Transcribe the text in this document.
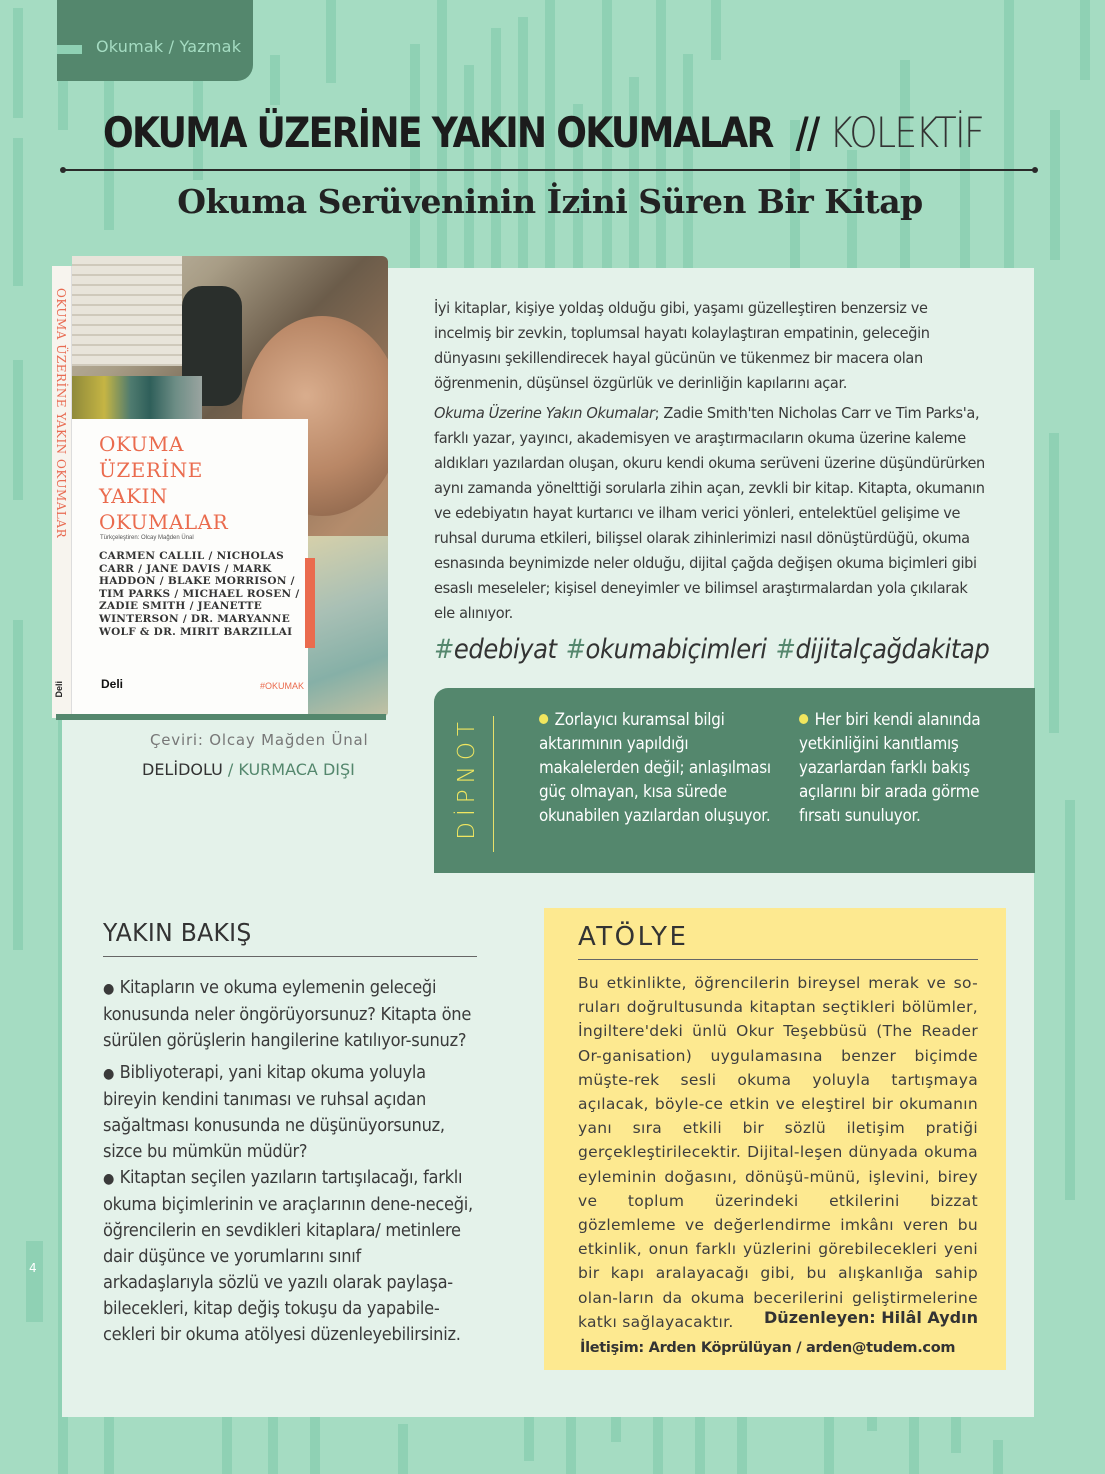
Okumak / Yazmak
OKUMA ÜZERİNE YAKIN OKUMALAR // KOLEKTİF
Okuma Serüveninin İzini Süren Bir Kitap
OKUMA ÜZERİNE YAKIN OKUMALAR
Deli
OKUMA
ÜZERİNE
YAKIN
OKUMALAR
Türkçeleştiren: Olcay Mağden Ünal
CARMEN CALLIL / NICHOLAS CARR / JANE DAVIS / MARK HADDON / BLAKE MORRISON / TIM PARKS / MICHAEL ROSEN / ZADIE SMITH / JEANETTE WINTERSON / DR. MARYANNE WOLF & DR. MIRIT BARZILLAI
Deli	#OKUMAK
Çeviri: Olcay Mağden Ünal
DELİDOLU / KURMACA DIŞI

İyi kitaplar, kişiye yoldaş olduğu gibi, yaşamı güzelleştiren benzersiz ve incelmiş bir zevkin, toplumsal hayatı kolaylaştıran empatinin, geleceğin dünyasını şekillendirecek hayal gücünün ve tükenmez bir macera olan öğrenmenin, düşünsel özgürlük ve derinliğin kapılarını açar.

Okuma Üzerine Yakın Okumalar; Zadie Smith'ten Nicholas Carr ve Tim Parks'a, farklı yazar, yayıncı, akademisyen ve araştırmacıların okuma üzerine kaleme aldıkları yazılardan oluşan, okuru kendi okuma serüveni üzerine düşündürürken aynı zamanda yönelttiği sorularla zihin açan, zevkli bir kitap. Kitapta, okumanın ve edebiyatın hayat kurtarıcı ve ilham verici yönleri, entelektüel gelişime ve ruhsal duruma etkileri, bilişsel olarak zihinlerimizi nasıl dönüştürdüğü, okuma esnasında beynimizde neler olduğu, dijital çağda değişen okuma biçimleri gibi esaslı meseleler; kişisel deneyimler ve bilimsel araştırmalardan yola çıkılarak ele alınıyor.

#edebiyat #okumabiçimleri #dijitalçağdakitap
DİPNOT	Zorlayıcı kuramsal bilgi aktarımının yapıldığı makalelerden değil; anlaşılması güç olmayan, kısa sürede okunabilen yazılardan oluşuyor.
Her biri kendi alanında yetkinliğini kanıtlamış yazarlardan farklı bakış açılarını bir arada görme fırsatı sunuluyor.
YAKIN BAKIŞ
● Kitapların ve okuma eylemenin geleceği konusunda neler öngörüyorsunuz? Kitapta öne sürülen görüşlerin hangilerine katılıyor-sunuz?
● Bibliyoterapi, yani kitap okuma yoluyla bireyin kendini tanıması ve ruhsal açıdan sağaltması konusunda ne düşünüyorsunuz, sizce bu mümkün müdür?
● Kitaptan seçilen yazıların tartışılacağı, farklı okuma biçimlerinin ve araçlarının dene-neceği, öğrencilerin en sevdikleri kitaplara/ metinlere dair düşünce ve yorumlarını sınıf arkadaşlarıyla sözlü ve yazılı olarak paylaşa-bilecekleri, kitap değiş tokuşu da yapabile-cekleri bir okuma atölyesi düzenleyebilirsiniz.
ATÖLYE
Bu etkinlikte, öğrencilerin bireysel merak ve so-ruları doğrultusunda kitaptan seçtikleri bölümler, İngiltere'deki ünlü Okur Teşebbüsü (The Reader Or-ganisation) uygulamasına benzer biçimde müşte-rek sesli okuma yoluyla tartışmaya açılacak, böyle-ce etkin ve eleştirel bir okumanın yanı sıra etkili bir sözlü iletişim pratiği gerçekleştirilecektir. Dijital-leşen dünyada okuma eyleminin doğasını, dönüşü-münü, işlevini, birey ve toplum üzerindeki etkilerini bizzat gözlemleme ve değerlendirme imkânı veren bu etkinlik, onun farklı yüzlerini görebilecekleri yeni bir kapı aralayacağı gibi, bu alışkanlığa sahip olan-ların da okuma becerilerini geliştirmelerine katkı sağlayacaktır.	Düzenleyen: Hilâl Aydın
İletişim: Arden Köprülüyan / arden@tudem.com
4
